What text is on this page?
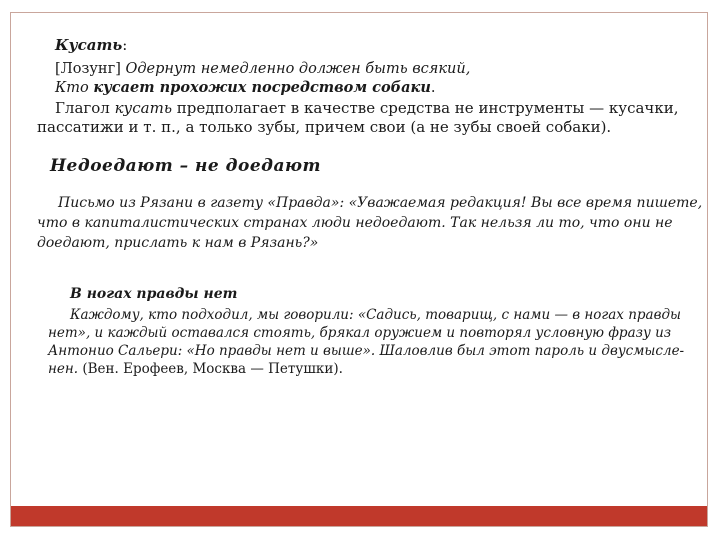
Кусать:
[Лозунг] Одернут немедленно должен быть всякий,
Кто кусает прохожих посредством собаки.
Глагол кусать предполагает в качестве средства не инструменты — кусачки,
пассатижи и т. п., а только зубы, причем свои (а не зубы своей собаки).
Недоедают – не доедают
Письмо из Рязани в газету «Правда»: «Уважаемая редакция! Вы все время пишете,
что в капиталистических странах люди недоедают. Так нельзя ли то, что они не
доедают, прислать к нам в Рязань?»
В ногах правды нет
Каждому, кто подходил, мы говорили: «Садись, товарищ, с нами — в ногах правды
нет», и каждый оставался стоять, брякал оружием и повторял условную фразу из
Антонио Сальери: «Но правды нет и выше». Шаловлив был этот пароль и двусмысле-
нен. (Вен. Ерофеев, Москва — Петушки).
